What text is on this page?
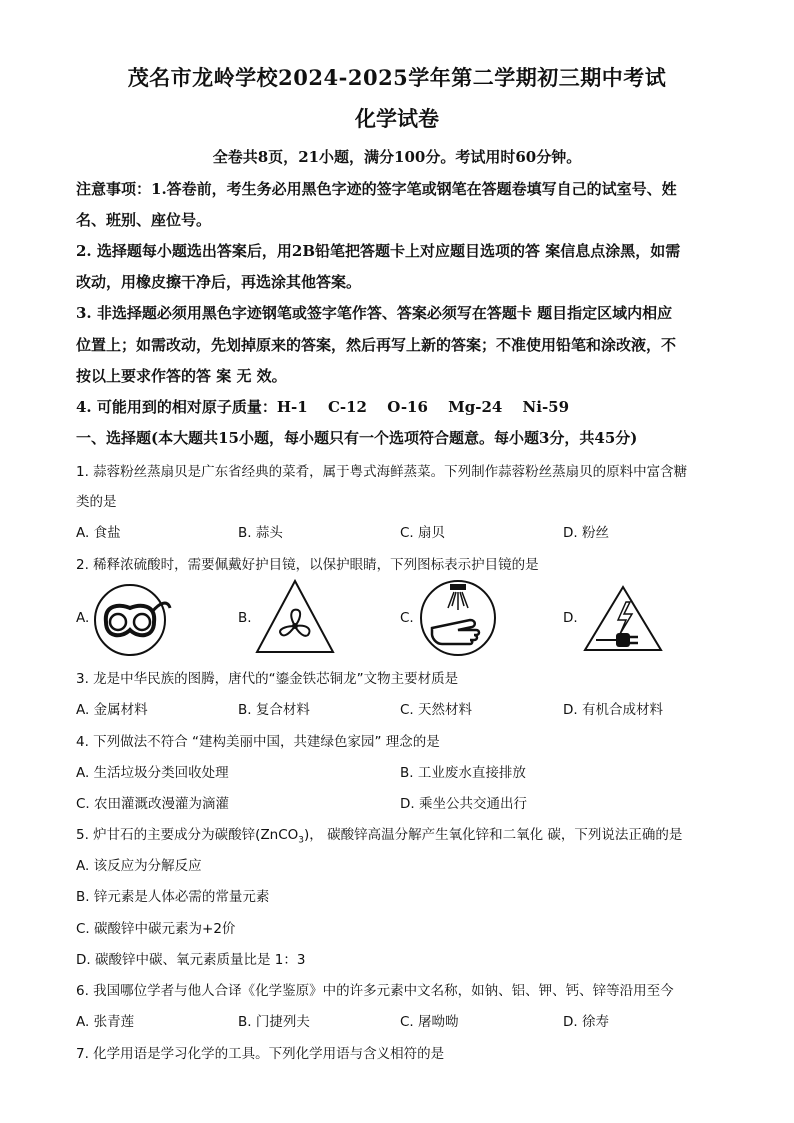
茂名市龙岭学校2024-2025学年第二学期初三期中考试
化学试卷
全卷共8页，21小题，满分100分。考试用时60分钟。
注意事项：1.答卷前，考生务必用黑色字迹的签字笔或钢笔在答题卷填写自己的试室号、姓
名、班别、座位号。
2. 选择题每小题选出答案后，用2B铅笔把答题卡上对应题目选项的答 案信息点涂黑，如需
改动，用橡皮擦干净后，再选涂其他答案。
3. 非选择题必须用黑色字迹钢笔或签字笔作答、答案必须写在答题卡 题目指定区域内相应
位置上；如需改动，先划掉原来的答案，然后再写上新的答案；不准使用铅笔和涂改液，不
按以上要求作答的答 案 无 效。
4. 可能用到的相对原子质量：H-1　 C-12　 O-16　 Mg-24　 Ni-59
一、选择题(本大题共15小题，每小题只有一个选项符合题意。每小题3分，共45分)
1. 蒜蓉粉丝蒸扇贝是广东省经典的菜肴，属于粤式海鲜蒸菜。下列制作蒜蓉粉丝蒸扇贝的原料中富含糖
类的是
A. 食盐	B. 蒜头	C. 扇贝	D. 粉丝
2. 稀释浓硫酸时，需要佩戴好护目镜，以保护眼睛，下列图标表示护目镜的是
A.	B.	C.	D.
3. 龙是中华民族的图腾，唐代的“鎏金铁芯铜龙”文物主要材质是
A. 金属材料	B. 复合材料	C. 天然材料	D. 有机合成材料
4. 下列做法不符合 “建构美丽中国，共建绿色家园” 理念的是
A. 生活垃圾分类回收处理	B. 工业废水直接排放
C. 农田灌溉改漫灌为滴灌	D. 乘坐公共交通出行
5. 炉甘石的主要成分为碳酸锌(ZnCO$_3$)， 碳酸锌高温分解产生氧化锌和二氧化 碳，下列说法正确的是
A. 该反应为分解反应
B. 锌元素是人体必需的常量元素
C. 碳酸锌中碳元素为+2价
D. 碳酸锌中碳、氧元素质量比是 1：3
6. 我国哪位学者与他人合译《化学鉴原》中的许多元素中文名称，如钠、铝、钾、钙、锌等沿用至今
A. 张青莲	B. 门捷列夫	C. 屠呦呦	D. 徐寿
7. 化学用语是学习化学的工具。下列化学用语与含义相符的是
